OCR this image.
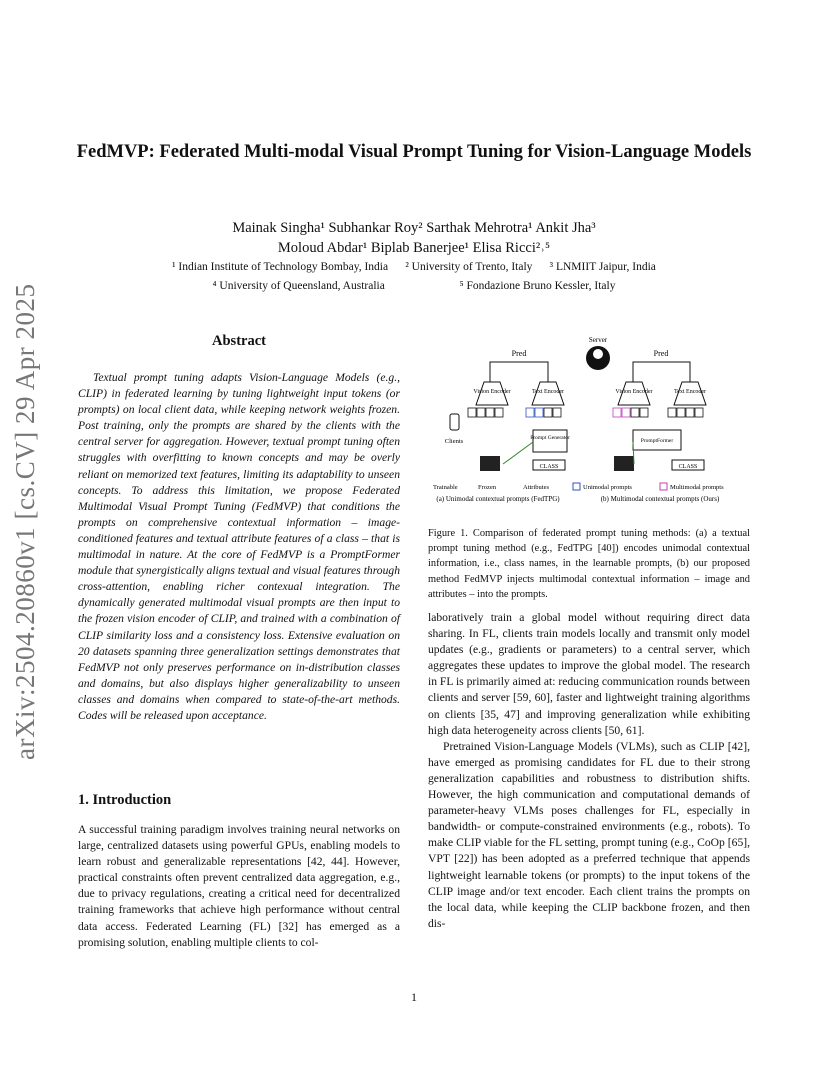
arXiv:2504.20860v1 [cs.CV] 29 Apr 2025
FedMVP: Federated Multi-modal Visual Prompt Tuning for Vision-Language Models
Mainak Singha¹ Subhankar Roy² Sarthak Mehrotra¹ Ankit Jha³
Moloud Abdar¹ Biplab Banerjee¹ Elisa Ricci²˒⁵
¹ Indian Institute of Technology Bombay, India      ² University of Trento, Italy      ³ LNMIIT Jaipur, India
⁴ University of Queensland, Australia                          ⁵ Fondazione Bruno Kessler, Italy
Abstract

Textual prompt tuning adapts Vision-Language Models (e.g., CLIP) in federated learning by tuning lightweight input tokens (or prompts) on local client data, while keeping network weights frozen. Post training, only the prompts are shared by the clients with the central server for aggregation. However, textual prompt tuning often struggles with overfitting to known concepts and may be overly reliant on memorized text features, limiting its adaptability to unseen concepts. To address this limitation, we propose Federated Multimodal Visual Prompt Tuning (FedMVP) that conditions the prompts on comprehensive contextual information – image-conditioned features and textual attribute features of a class – that is multimodal in nature. At the core of FedMVP is a PromptFormer module that synergistically aligns textual and visual features through cross-attention, enabling richer contexual integration. The dynamically generated multimodal visual prompts are then input to the frozen vision encoder of CLIP, and trained with a combination of CLIP similarity loss and a consistency loss. Extensive evaluation on 20 datasets spanning three generalization settings demonstrates that FedMVP not only preserves performance on in-distribution classes and domains, but also displays higher generalizability to unseen classes and domains when compared to state-of-the-art methods. Codes will be released upon acceptance.

1. Introduction

A successful training paradigm involves training neural networks on large, centralized datasets using powerful GPUs, enabling models to learn robust and generalizable representations [42, 44]. However, practical constraints often prevent centralized data aggregation, e.g., due to privacy regulations, creating a critical need for decentralized training frameworks that achieve high performance without central data access. Federated Learning (FL) [32] has emerged as a promising solution, enabling multiple clients to col-

Server
Pred	Pred
Vision Encoder	Text Encoder	Vision Encoder	Text Encoder
Prompt Generator	PromptFormer
CLASS	CLASS
Clients
Trainable	Frozen	Attributes	Unimodal prompts	Multimodal prompts
(a) Unimodal contextual prompts (FedTPG)	(b) Multimodal contextual prompts (Ours)
Figure 1. Comparison of federated prompt tuning methods: (a) a textual prompt tuning method (e.g., FedTPG [40]) encodes unimodal contextual information, i.e., class names, in the learnable prompts, (b) our proposed method FedMVP injects multimodal contextual information – image and attributes – into the prompts.

laboratively train a global model without requiring direct data sharing. In FL, clients train models locally and transmit only model updates (e.g., gradients or parameters) to a central server, which aggregates these updates to improve the global model. The research in FL is primarily aimed at: reducing communication rounds between clients and server [59, 60], faster and lightweight training algorithms on clients [35, 47] and improving generalization while exhibiting high data heterogeneity across clients [50, 61].

Pretrained Vision-Language Models (VLMs), such as CLIP [42], have emerged as promising candidates for FL due to their strong generalization capabilities and robustness to distribution shifts. However, the high communication and computational demands of parameter-heavy VLMs poses challenges for FL, especially in bandwidth- or compute-constrained environments (e.g., robots). To make CLIP viable for the FL setting, prompt tuning (e.g., CoOp [65], VPT [22]) has been adopted as a preferred technique that appends lightweight learnable tokens (or prompts) to the input tokens of the CLIP image and/or text encoder. Each client trains the prompts on the local data, while keeping the CLIP backbone frozen, and then dis-

1
